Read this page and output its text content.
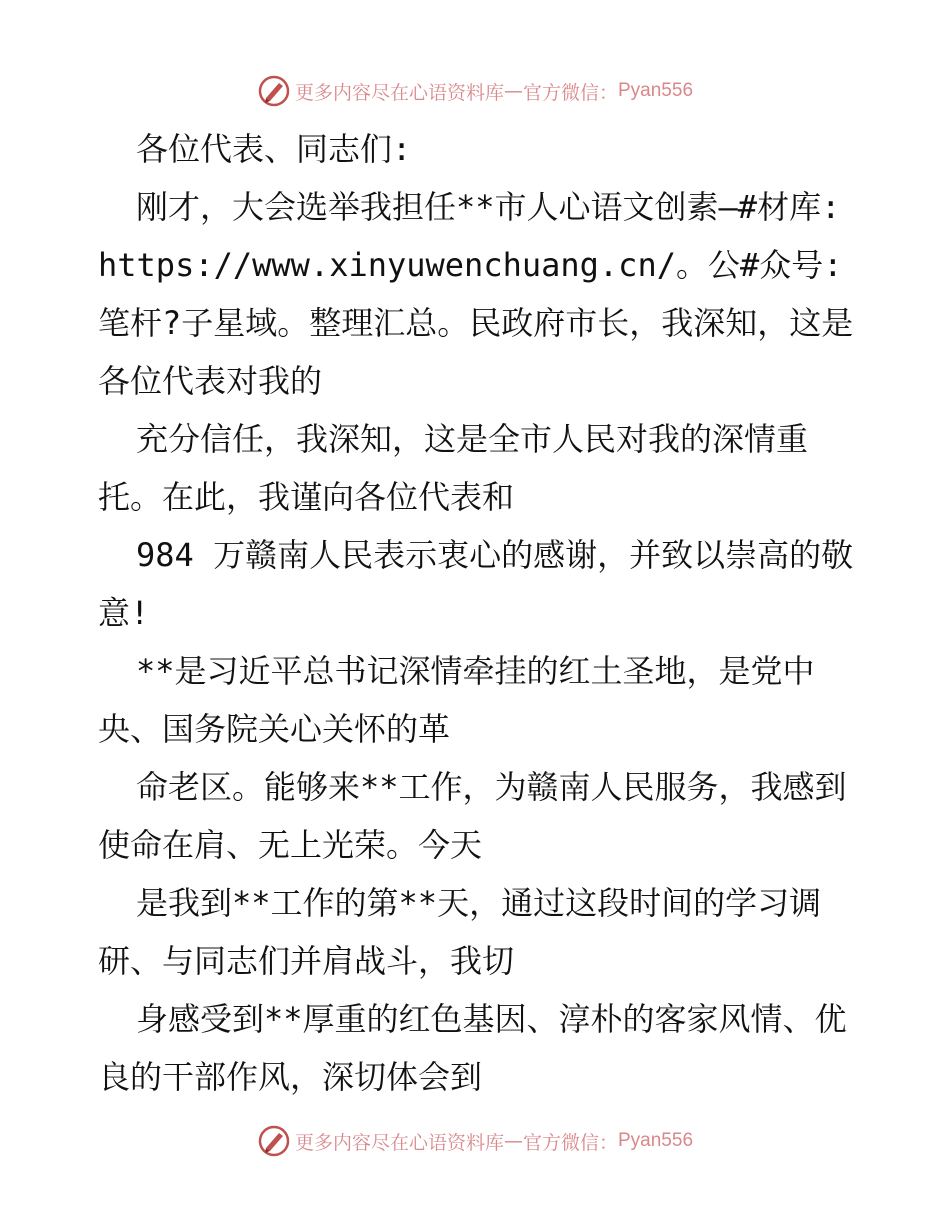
更多内容尽在心语资料库 — 官方微信： Pyan556

各位代表、同志们:

刚才，大会选举我担任**市人心语文创素—#材库: https://www.xinyuwenchuang.cn/。公#众号: 笔杆?子星域。整理汇总。民政府市长，我深知，这是各位代表对我的

充分信任，我深知，这是全市人民对我的深情重托。在此，我谨向各位代表和

984 万赣南人民表示衷心的感谢，并致以崇高的敬意!

**是习近平总书记深情牵挂的红土圣地，是党中央、国务院关心关怀的革

命老区。能够来**工作，为赣南人民服务，我感到使命在肩、无上光荣。今天

是我到**工作的第**天，通过这段时间的学习调研、与同志们并肩战斗，我切

身感受到**厚重的红色基因、淳朴的客家风情、优良的干部作风，深切体会到

更多内容尽在心语资料库 — 官方微信： Pyan556
